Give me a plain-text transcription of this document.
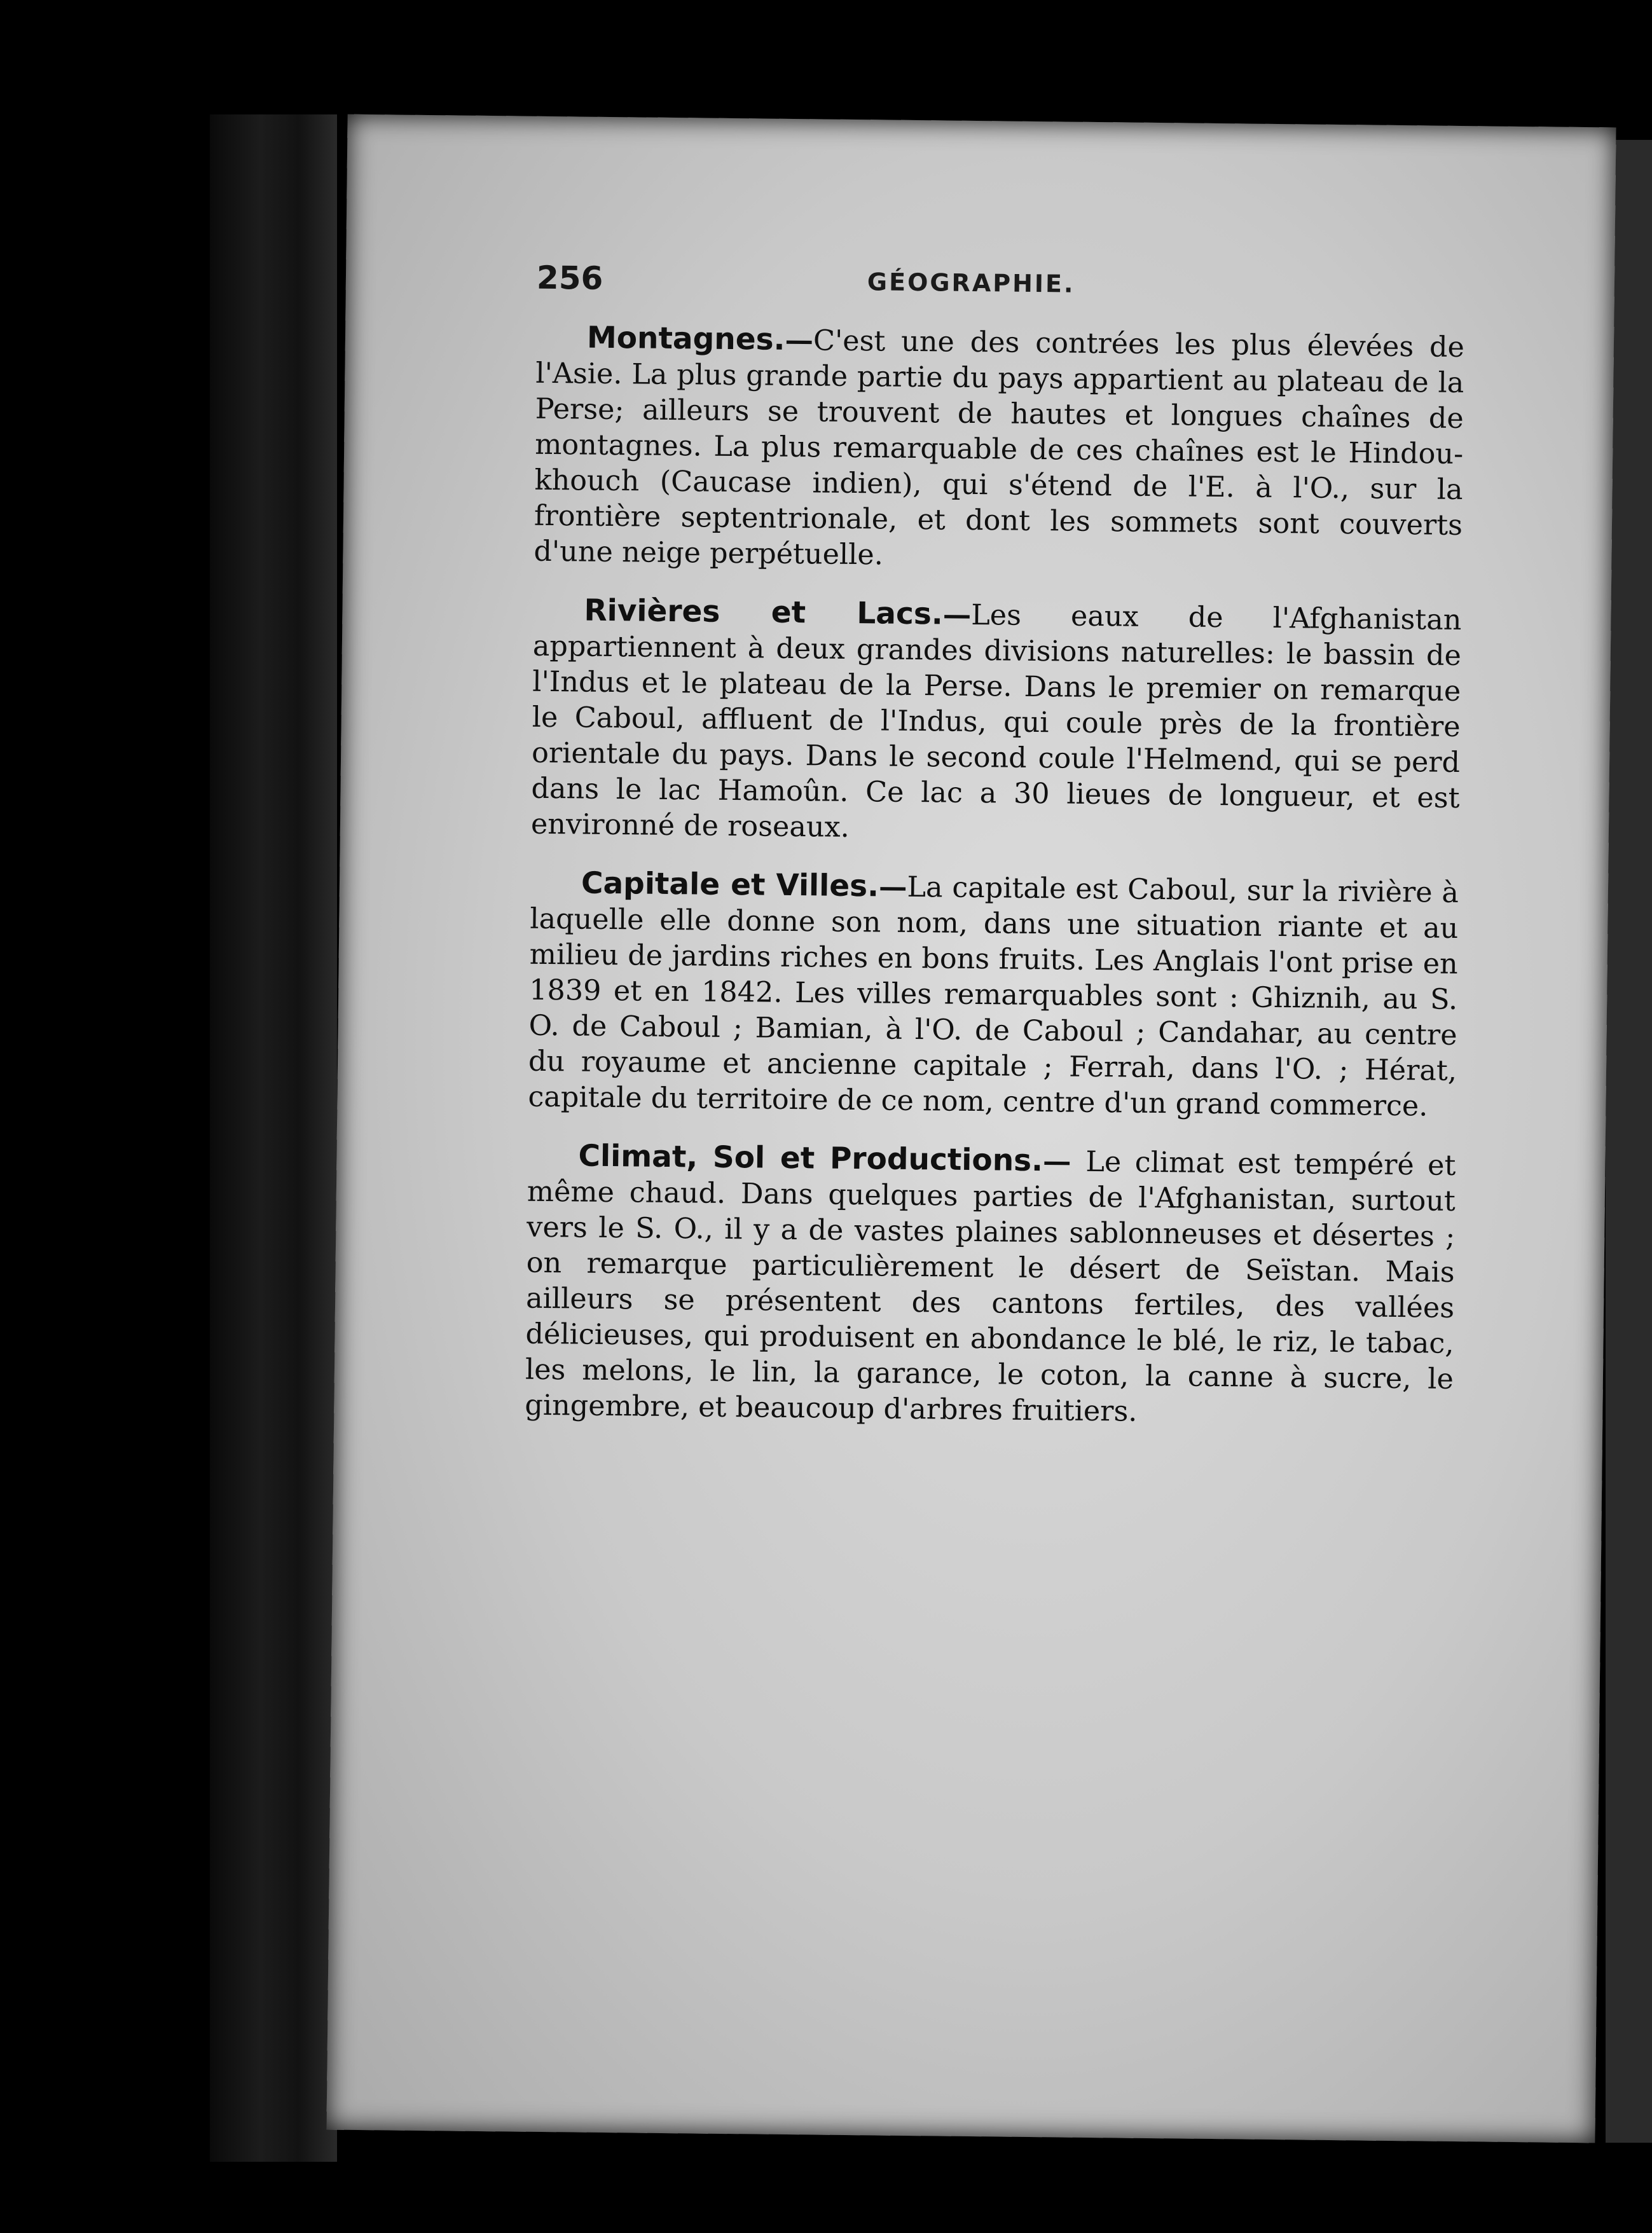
256	GÉOGRAPHIE.

Montagnes.—C'est une des contrées les plus élevées de l'Asie. La plus grande partie du pays appartient au plateau de la Perse; ailleurs se trouvent de hautes et longues chaînes de montagnes. La plus remarquable de ces chaînes est le Hindou-khouch (Caucase indien), qui s'étend de l'E. à l'O., sur la frontière septentrionale, et dont les sommets sont couverts d'une neige perpétuelle.

Rivières et Lacs.—Les eaux de l'Afghanistan appartiennent à deux grandes divisions naturelles: le bassin de l'Indus et le plateau de la Perse. Dans le premier on remarque le Caboul, affluent de l'Indus, qui coule près de la frontière orientale du pays. Dans le second coule l'Helmend, qui se perd dans le lac Hamoûn. Ce lac a 30 lieues de longueur, et est environné de roseaux.

Capitale et Villes.—La capitale est Caboul, sur la rivière à laquelle elle donne son nom, dans une situation riante et au milieu de jardins riches en bons fruits. Les Anglais l'ont prise en 1839 et en 1842. Les villes remarquables sont : Ghiznih, au S. O. de Caboul ; Bamian, à l'O. de Caboul ; Candahar, au centre du royaume et ancienne capitale ; Ferrah, dans l'O. ; Hérat, capitale du territoire de ce nom, centre d'un grand commerce.

Climat, Sol et Productions.— Le climat est tempéré et même chaud. Dans quelques parties de l'Afghanistan, surtout vers le S. O., il y a de vastes plaines sablonneuses et désertes ; on remarque particulièrement le désert de Seïstan. Mais ailleurs se présentent des cantons fertiles, des vallées délicieuses, qui produisent en abondance le blé, le riz, le tabac, les melons, le lin, la garance, le coton, la canne à sucre, le gingembre, et beaucoup d'arbres fruitiers.
